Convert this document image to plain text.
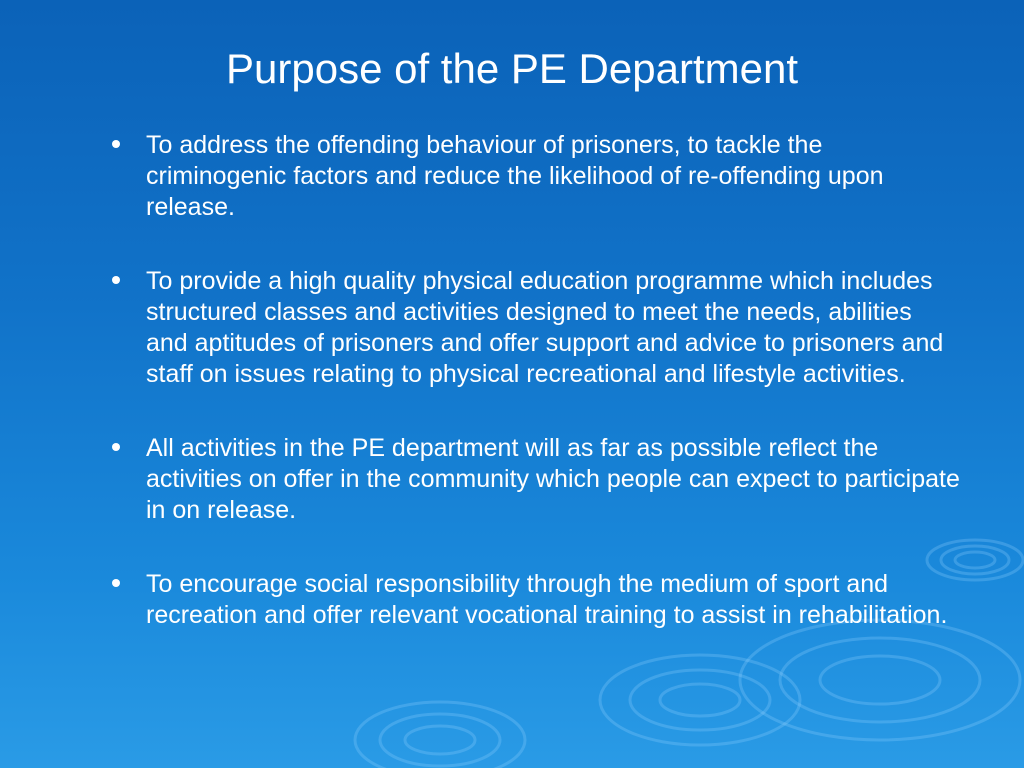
Purpose of the PE Department
To address the offending behaviour of prisoners, to tackle the criminogenic factors and reduce the likelihood of re-offending upon release.
To provide a high quality physical education programme which includes structured classes and activities designed to meet the needs, abilities and aptitudes of prisoners and offer support and advice to prisoners and staff on issues relating to physical recreational and lifestyle activities.
All activities in the PE department will as far as possible reflect the activities on offer in the community which people can expect to participate in on release.
To encourage social responsibility through the medium of sport and recreation and offer relevant vocational training to assist in rehabilitation.
